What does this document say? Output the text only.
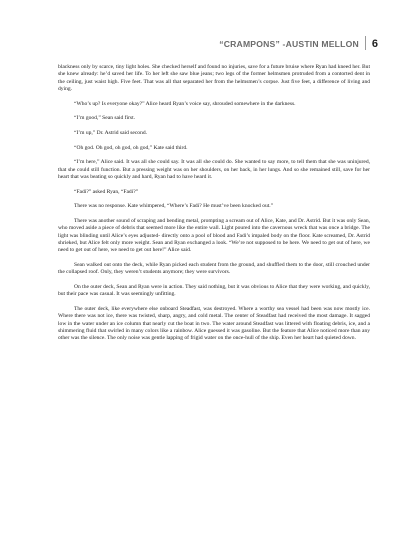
“CRAMPONS” -AUSTIN MELLON 6

blackness only by scarce, tiny light holes. She checked herself and found no injuries, save for a future bruise where Ryan had kneed her. But she knew already: he’d saved her life. To her left she saw blue jeans; two legs of the former helmsmen protruded from a contorted dent in the ceiling, just waist high. Five feet. That was all that separated her from the helmsmen’s corpse. Just five feet, a difference of living and dying.

“Who’s up? Is everyone okay?” Alice heard Ryan’s voice say, shrouded somewhere in the darkness.

“I’m good,” Sean said first.

“I’m up,” Dr. Astrid said second.

“Oh god. Oh god, oh god, oh god,” Kate said third.

“I’m here,” Alice said. It was all she could say. It was all she could do. She wanted to say more, to tell them that she was uninjured, that she could still function. But a pressing weight was on her shoulders, on her back, in her lungs. And so she remained still, save for her heart that was beating so quickly and hard, Ryan had to have heard it.

“Fadi?” asked Ryan, “Fadi?”

There was no response. Kate whimpered, “Where’s Fadi? He must’ve been knocked out.”

There was another sound of scraping and bending metal, prompting a scream out of Alice, Kate, and Dr. Astrid. But it was only Sean, who moved aside a piece of debris that seemed more like the entire wall. Light poured into the cavernous wreck that was once a bridge. The light was blinding until Alice’s eyes adjusted- directly onto a pool of blood and Fadi’s impaled body on the floor. Kate screamed, Dr. Astrid shrieked, but Alice felt only more weight. Sean and Ryan exchanged a look. “We’re not supposed to be here. We need to get out of here, we need to get out of here, we need to get out here!” Alice said.

Sean walked out onto the deck, while Ryan picked each student from the ground, and shuffled them to the door, still crouched under the collapsed roof. Only, they weren’t students anymore; they were survivors.

On the outer deck, Sean and Ryan were in action. They said nothing, but it was obvious to Alice that they were working, and quickly, but their pace was casual. It was seemingly unfitting.

The outer deck, like everywhere else onboard Steadfast, was destroyed. Where a worthy sea vessel had been was now mostly ice. Where there was not ice, there was twisted, sharp, angry, and cold metal. The center of Steadfast had received the most damage. It sagged low in the water under an ice column that nearly cut the boat in two. The water around Steadfast was littered with floating debris, ice, and a shimmering fluid that swirled in many colors like a rainbow. Alice guessed it was gasoline. But the feature that Alice noticed more than any other was the silence. The only noise was gentle lapping of frigid water on the once-hull of the ship. Even her heart had quieted down.
